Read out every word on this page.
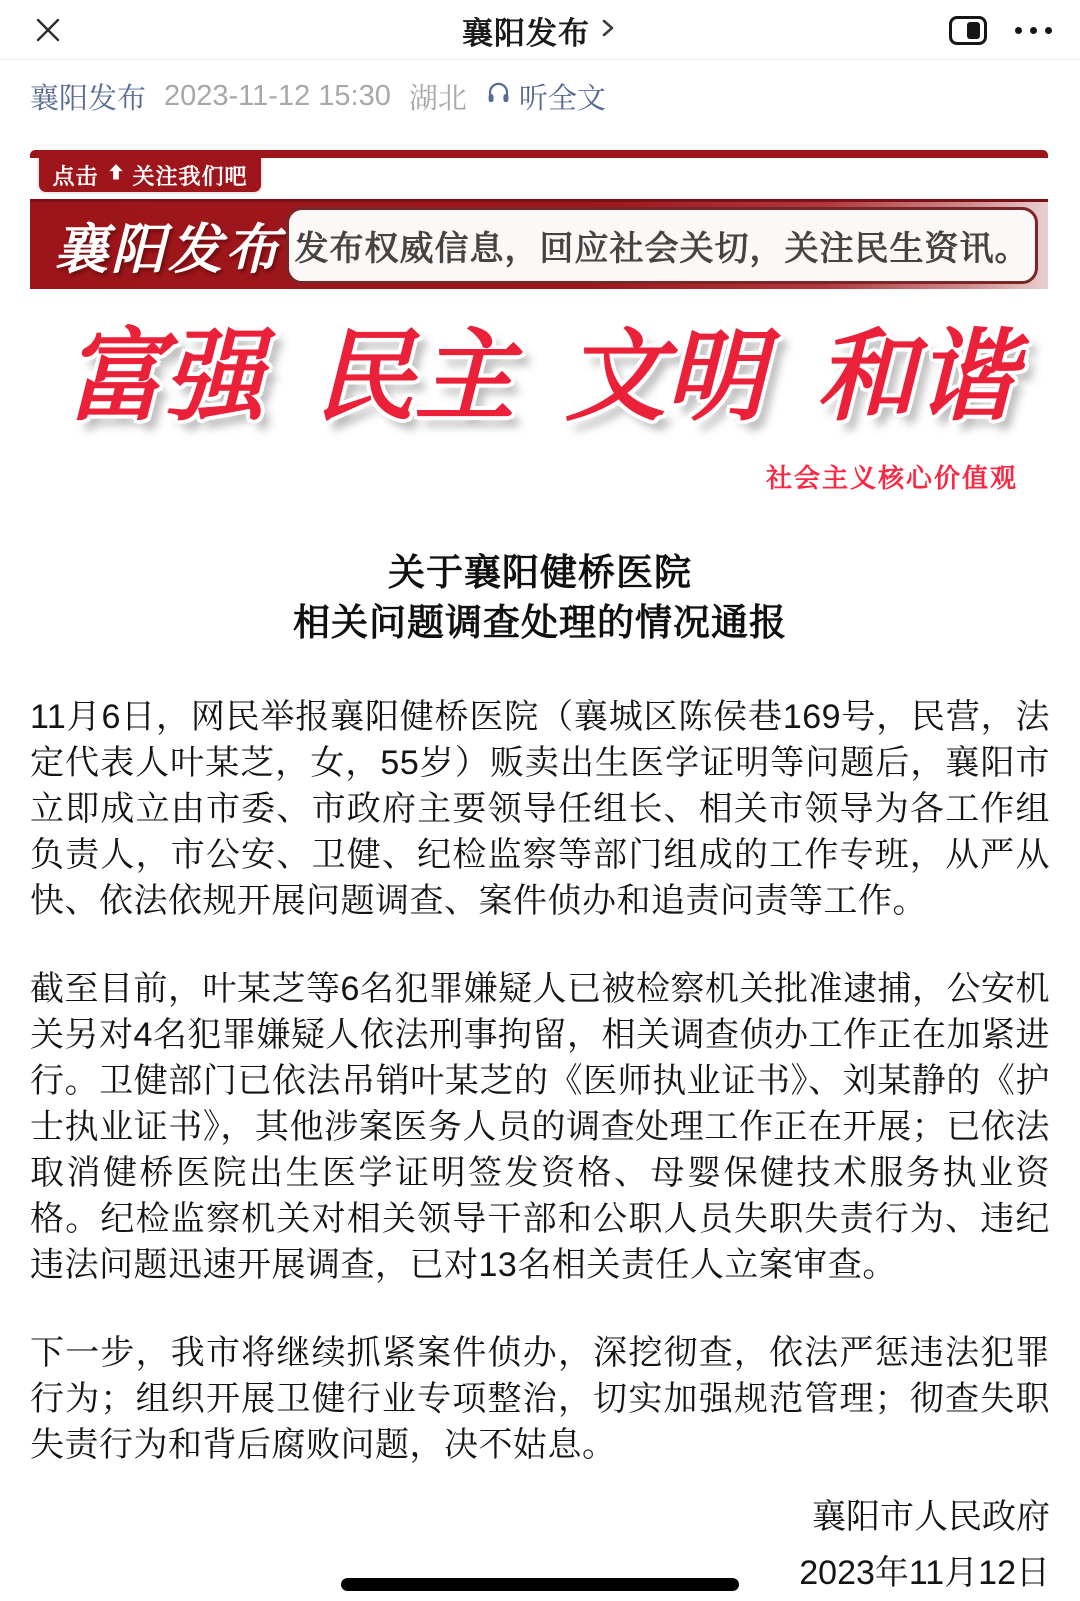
襄阳发布
襄阳发布 2023-11-12 15:30 湖北 听全文
点击 关注我们吧
襄阳发布 发布权威信息，回应社会关切，关注民生资讯。
富强 民主 文明 和谐
社会主义核心价值观
关于襄阳健桥医院
相关问题调查处理的情况通报

11月6日，网民举报襄阳健桥医院（襄城区陈侯巷169号，民营，法定代表人叶某芝，女，55岁）贩卖出生医学证明等问题后，襄阳市立即成立由市委、市政府主要领导任组长、相关市领导为各工作组负责人，市公安、卫健、纪检监察等部门组成的工作专班，从严从快、依法依规开展问题调查、案件侦办和追责问责等工作。

截至目前，叶某芝等6名犯罪嫌疑人已被检察机关批准逮捕，公安机关另对4名犯罪嫌疑人依法刑事拘留，相关调查侦办工作正在加紧进行。卫健部门已依法吊销叶某芝的《医师执业证书》、刘某静的《护士执业证书》，其他涉案医务人员的调查处理工作正在开展；已依法取消健桥医院出生医学证明签发资格、母婴保健技术服务执业资格。纪检监察机关对相关领导干部和公职人员失职失责行为、违纪违法问题迅速开展调查，已对13名相关责任人立案审查。

下一步，我市将继续抓紧案件侦办，深挖彻查，依法严惩违法犯罪行为；组织开展卫健行业专项整治，切实加强规范管理；彻查失职失责行为和背后腐败问题，决不姑息。

襄阳市人民政府
2023年11月12日
